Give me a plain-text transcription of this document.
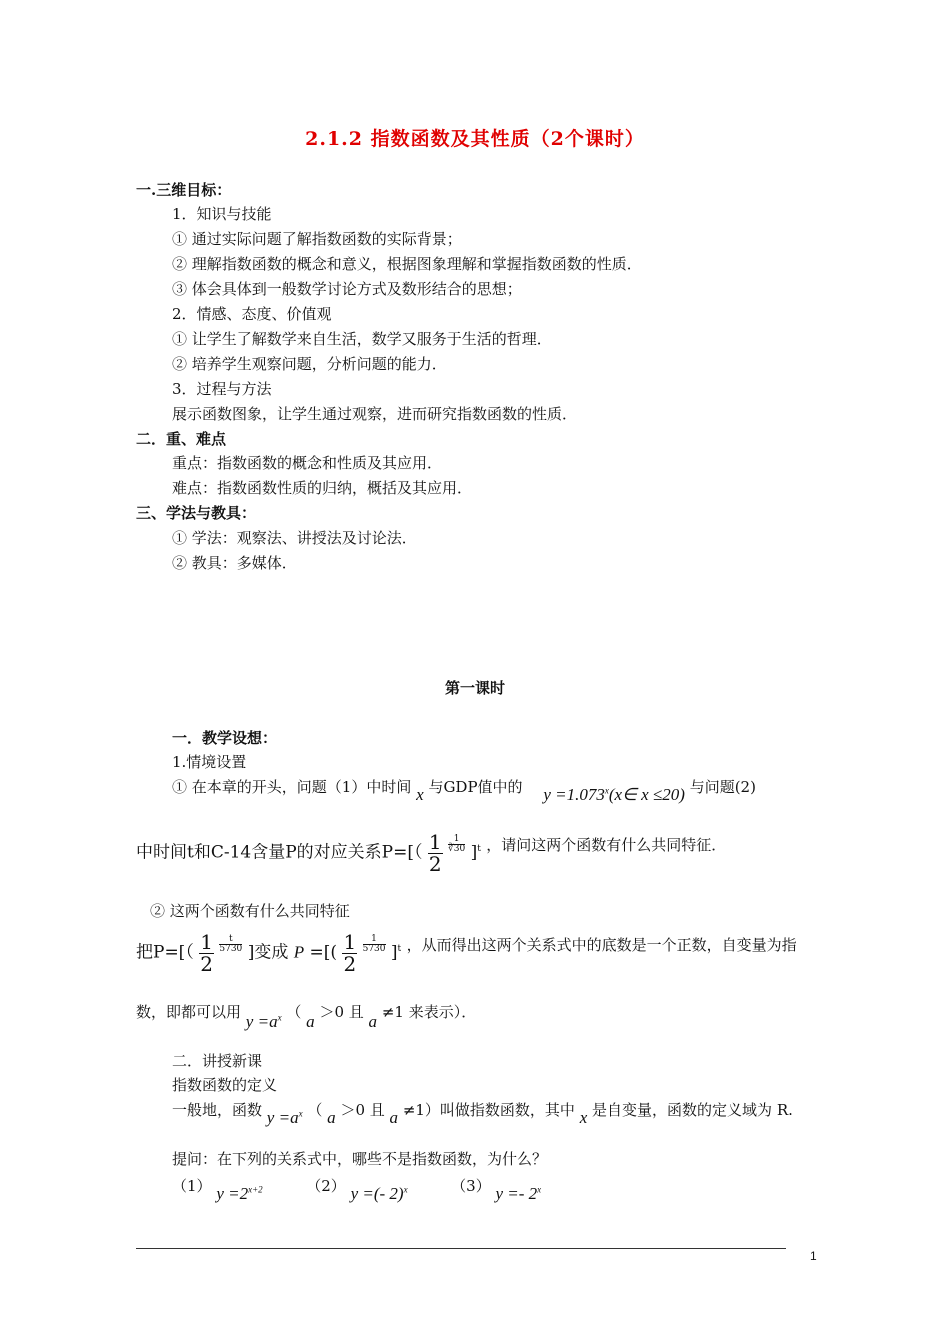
2.1.2 指数函数及其性质（2个课时）
一.三维目标：
1．知识与技能
① 通过实际问题了解指数函数的实际背景；
② 理解指数函数的概念和意义，根据图象理解和掌握指数函数的性质．
③ 体会具体到一般数学讨论方式及数形结合的思想；
2．情感、态度、价值观
① 让学生了解数学来自生活，数学又服务于生活的哲理．
② 培养学生观察问题，分析问题的能力．
3．过程与方法
展示函数图象，让学生通过观察，进而研究指数函数的性质．
二．重、难点
重点：指数函数的概念和性质及其应用．
难点：指数函数性质的归纳，概括及其应用．
三、学法与教具：
① 学法：观察法、讲授法及讨论法．
② 教具：多媒体．
第一课时
一．教学设想：
1.情境设置
① 在本章的开头，问题（1）中时间 x 与GDP值中的 $y =1.073^x(x\in$ x ≤20) 与问题(2)
中时间t和C-14含量P的对应关系$P=[( \frac{1}{2}$
$\frac{1}{∛30} ]^t$ ，请问这两个函数有什么共同特征．
② 这两个函数有什么共同特征
把$P=[( \frac{1}{2}$
$\frac{t}{5730}$ ]变成 P =[( $\frac{1}{2}$
$\frac{1}{5730} ]^t$ ，从而得出这两个关系式中的底数是一个正数，自变量为指
数，即都可以用 $y =a^x$ （ a ＞0 且 a ≠1 来表示）．
二．讲授新课
指数函数的定义
一般地，函数 $y =a^x$ （ a ＞0 且 a ≠1）叫做指数函数，其中 x 是自变量，函数的定义域为 R.
提问：在下列的关系式中，哪些不是指数函数，为什么？
（1） $y =2^{x+2}$	（2） y =(- 2)$^x$	（3） y =- 2$^x$
1
